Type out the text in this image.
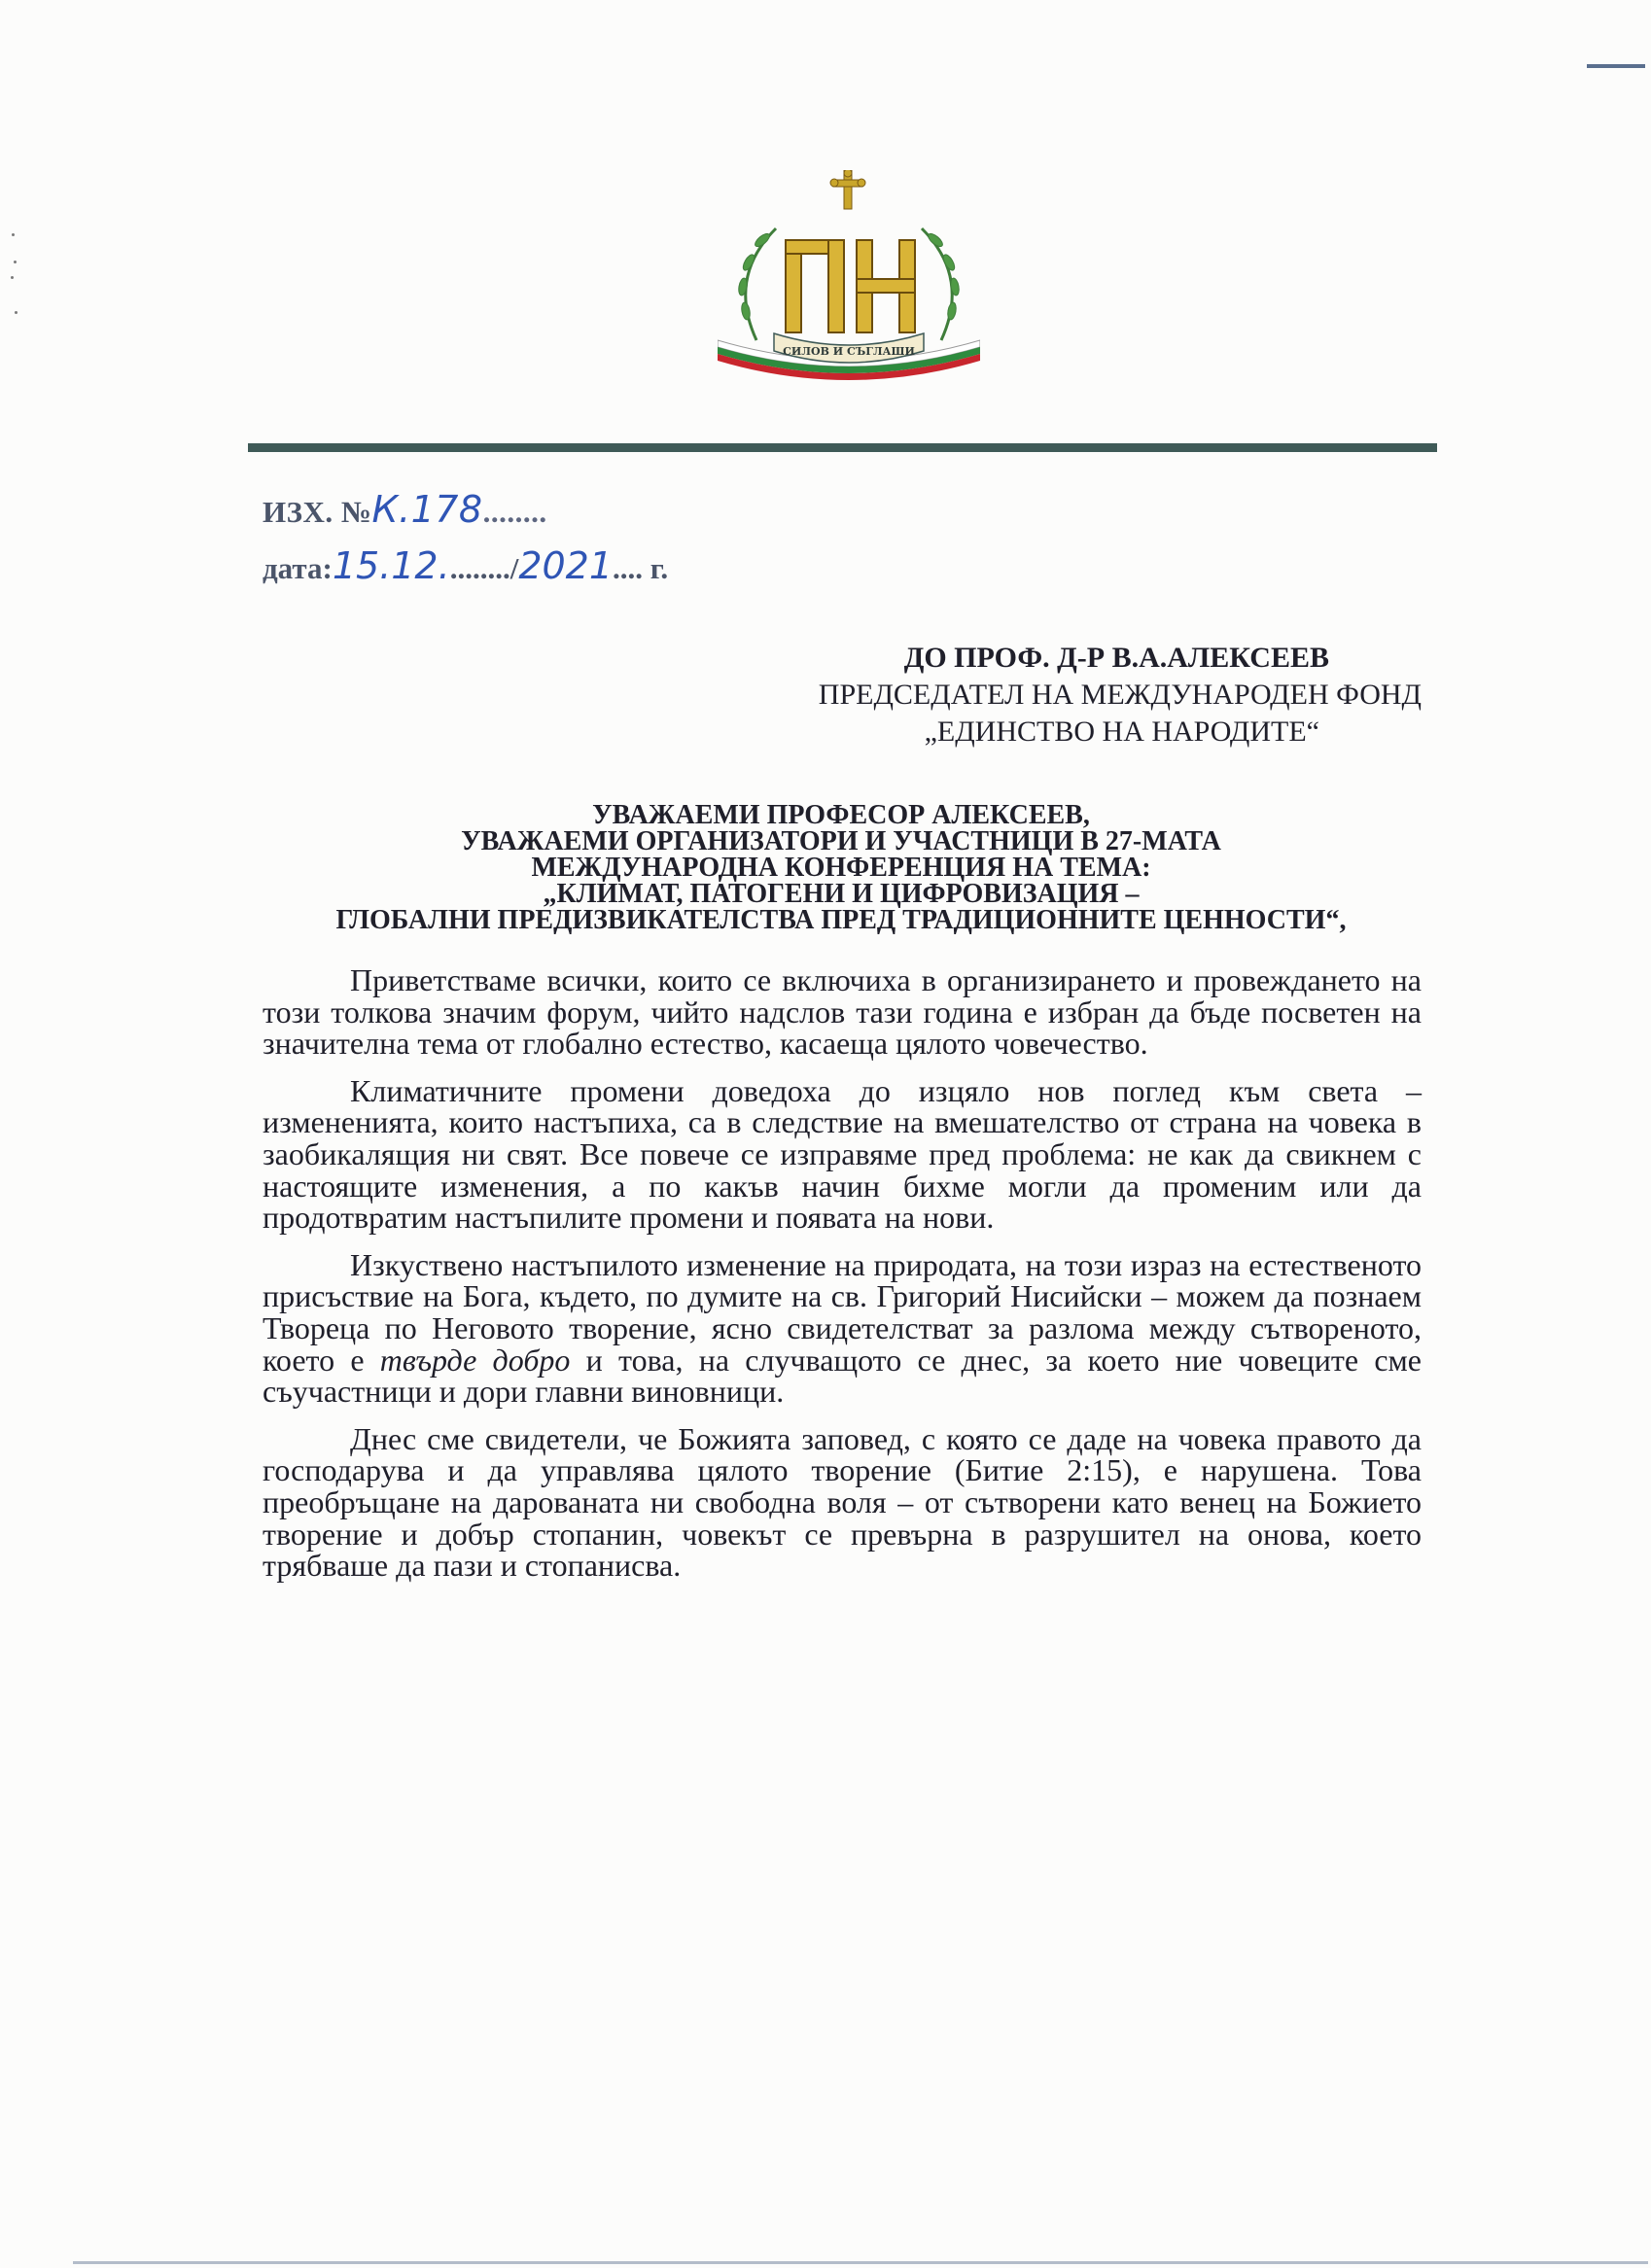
СИЛОВ И СЪГЛАШИ
ИЗХ. №К.178........
дата:15.12........./2021.... г.
ДО ПРОФ. Д-Р В.А.АЛЕКСЕЕВ
ПРЕДСЕДАТЕЛ НА МЕЖДУНАРОДЕН ФОНД
„ЕДИНСТВО НА НАРОДИТЕ“
УВАЖАЕМИ ПРОФЕСОР АЛЕКСЕЕВ,
УВАЖАЕМИ ОРГАНИЗАТОРИ И УЧАСТНИЦИ В 27-МАТА
МЕЖДУНАРОДНА КОНФЕРЕНЦИЯ НА ТЕМА:
„КЛИМАТ, ПАТОГЕНИ И ЦИФРОВИЗАЦИЯ –
ГЛОБАЛНИ ПРЕДИЗВИКАТЕЛСТВА ПРЕД ТРАДИЦИОННИТЕ ЦЕННОСТИ“,

Приветстваме всички, които се включиха в организирането и провеждането на този толкова значим форум, чийто надслов тази година е избран да бъде посветен на значителна тема от глобално естество, касаеща цялото човечество.

Климатичните промени доведоха до изцяло нов поглед към света – измененията, които настъпиха, са в следствие на вмешателство от страна на човека в заобикалящия ни свят. Все повече се изправяме пред проблема: не как да свикнем с настоящите изменения, а по какъв начин бихме могли да променим или да продотвратим настъпилите промени и появата на нови.

Изкуствено настъпилото изменение на природата, на този израз на естественото присъствие на Бога, където, по думите на св. Григорий Нисийски – можем да познаем Твореца по Неговото творение, ясно свидетелстват за разлома между сътвореното, което е твърде добро и това, на случващото се днес, за което ние човеците сме съучастници и дори главни виновници.

Днес сме свидетели, че Божията заповед, с която се даде на човека правото да господарува и да управлява цялото творение (Битие 2:15), е нарушена. Това преобръщане на дарованата ни свободна воля – от сътворени като венец на Божието творение и добър стопанин, човекът се превърна в разрушител на онова, което трябваше да пази и стопанисва.
